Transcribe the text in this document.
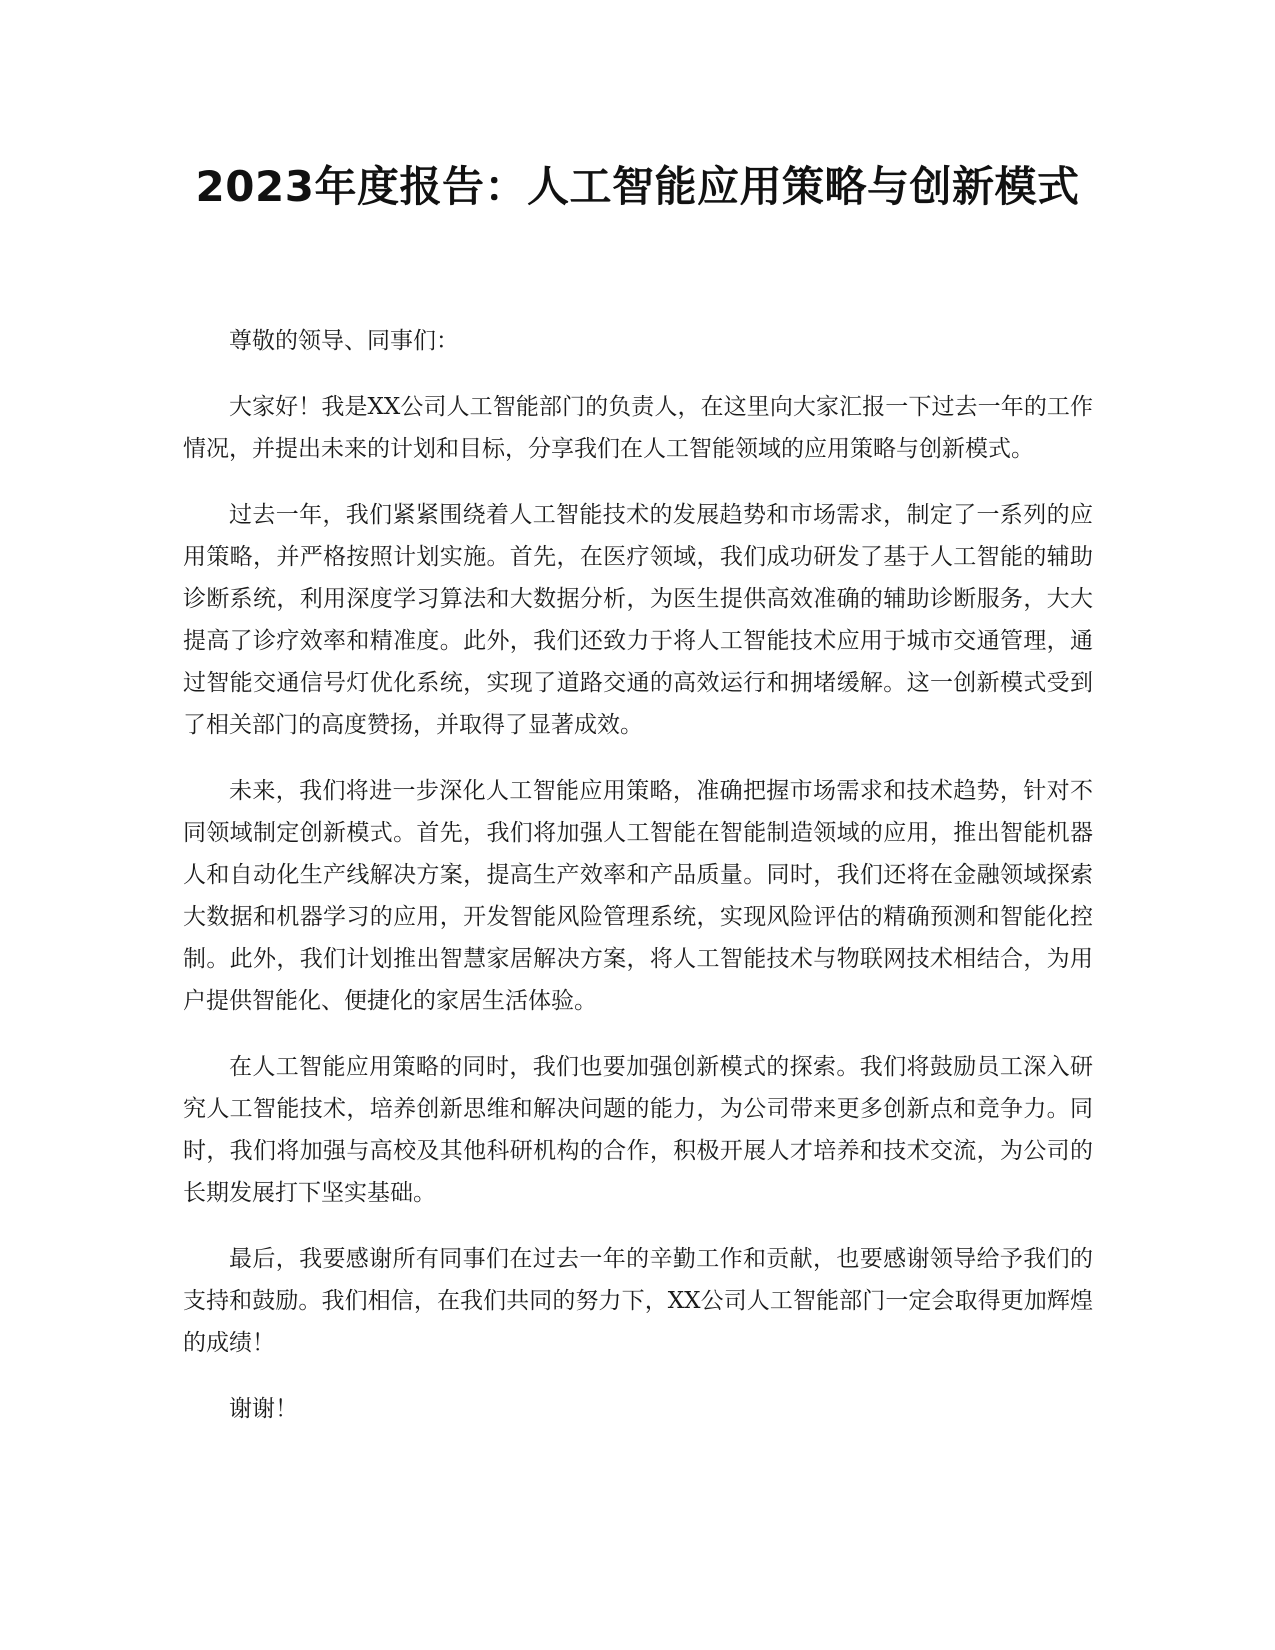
2023年度报告：人工智能应用策略与创新模式

尊敬的领导、同事们：

大家好！我是XX公司人工智能部门的负责人，在这里向大家汇报一下过去一年的工作情况，并提出未来的计划和目标，分享我们在人工智能领域的应用策略与创新模式。

过去一年，我们紧紧围绕着人工智能技术的发展趋势和市场需求，制定了一系列的应用策略，并严格按照计划实施。首先，在医疗领域，我们成功研发了基于人工智能的辅助诊断系统，利用深度学习算法和大数据分析，为医生提供高效准确的辅助诊断服务，大大提高了诊疗效率和精准度。此外，我们还致力于将人工智能技术应用于城市交通管理，通过智能交通信号灯优化系统，实现了道路交通的高效运行和拥堵缓解。这一创新模式受到了相关部门的高度赞扬，并取得了显著成效。

未来，我们将进一步深化人工智能应用策略，准确把握市场需求和技术趋势，针对不同领域制定创新模式。首先，我们将加强人工智能在智能制造领域的应用，推出智能机器人和自动化生产线解决方案，提高生产效率和产品质量。同时，我们还将在金融领域探索大数据和机器学习的应用，开发智能风险管理系统，实现风险评估的精确预测和智能化控制。此外，我们计划推出智慧家居解决方案，将人工智能技术与物联网技术相结合，为用户提供智能化、便捷化的家居生活体验。

在人工智能应用策略的同时，我们也要加强创新模式的探索。我们将鼓励员工深入研究人工智能技术，培养创新思维和解决问题的能力，为公司带来更多创新点和竞争力。同时，我们将加强与高校及其他科研机构的合作，积极开展人才培养和技术交流，为公司的长期发展打下坚实基础。

最后，我要感谢所有同事们在过去一年的辛勤工作和贡献，也要感谢领导给予我们的支持和鼓励。我们相信，在我们共同的努力下，XX公司人工智能部门一定会取得更加辉煌的成绩！

谢谢！
